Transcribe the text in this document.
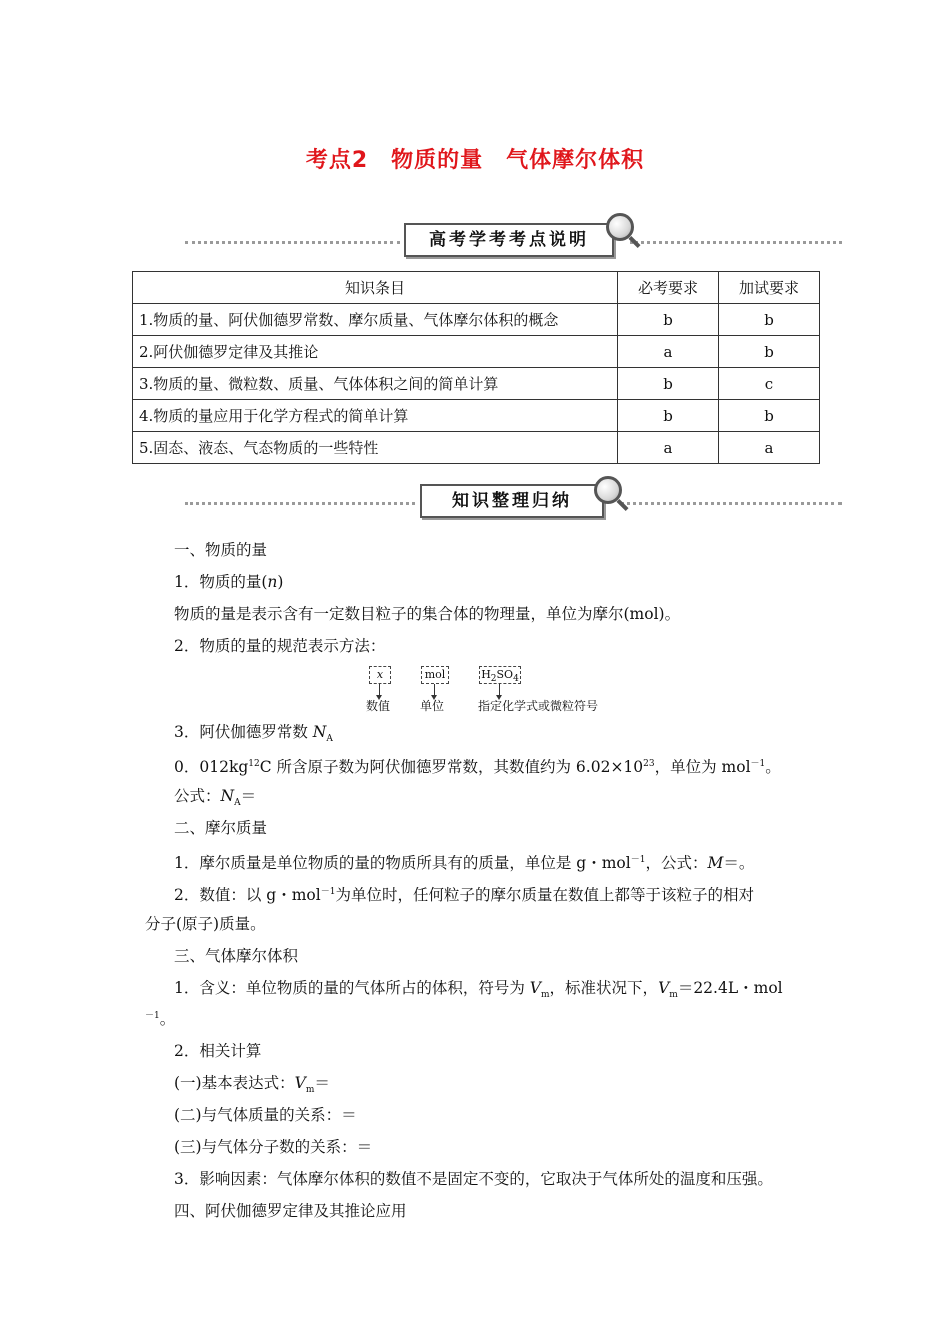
考点2　物质的量　气体摩尔体积
高考学考考点说明
知识条目	必考要求	加试要求
1.物质的量、阿伏伽德罗常数、摩尔质量、气体摩尔体积的概念	b	b
2.阿伏伽德罗定律及其推论	a	b
3.物质的量、微粒数、质量、气体体积之间的简单计算	b	c
4.物质的量应用于化学方程式的简单计算	b	b
5.固态、液态、气态物质的一些特性	a	a
知识整理归纳
一、物质的量
1．物质的量(n)
物质的量是表示含有一定数目粒子的集合体的物理量，单位为摩尔(mol)。
2．物质的量的规范表示方法：
x	mol	$H_2SO_4$
数值 单位	指定化学式或微粒符号
3．阿伏伽德罗常数 $N_A$
0．$012kg^{12}C$ 所含原子数为阿伏伽德罗常数，其数值约为 $6.02\times 10^{23}$，单位为 mol$^{-1}$。
公式：$N_A=$
二、摩尔质量
1．摩尔质量是单位物质的量的物质所具有的质量，单位是 g・mol$^{-1}$，公式：M＝。
2．数值：以 g・mol$^{-1}$为单位时，任何粒子的摩尔质量在数值上都等于该粒子的相对
分子(原子)质量。
三、气体摩尔体积
1．含义：单位物质的量的气体所占的体积，符号为 $V_m$，标准状况下，$V_m=22.4L$・mol
$^{-1}$。
2．相关计算
(一)基本表达式：$V_m=$
(二)与气体质量的关系：＝
(三)与气体分子数的关系：＝
3．影响因素：气体摩尔体积的数值不是固定不变的，它取决于气体所处的温度和压强。
四、阿伏伽德罗定律及其推论应用
